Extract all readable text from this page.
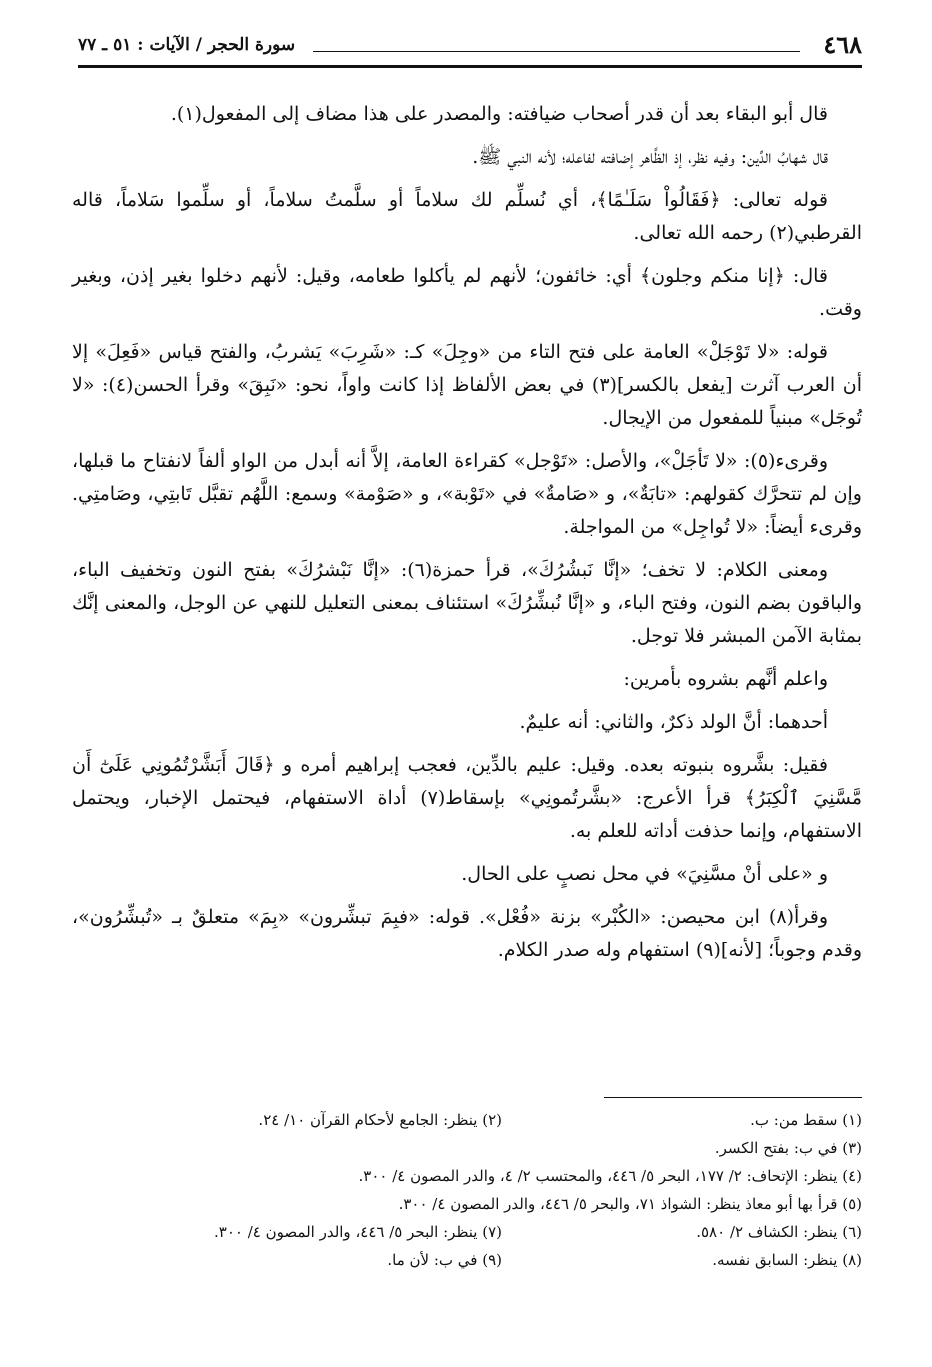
٤٦٨
سورة الحجر / الآيات : ٥١ ـ ٧٧

قال أبو البقاء بعد أن قدر أصحاب ضيافته: والمصدر على هذا مضاف إلى المفعول(١).

قال شهابُ الدِّين: وفيه نظر، إذ الظَّاهر إضافته لفاعله؛ لأنه النبي ﷺ.

قوله تعالى: ﴿فَقَالُواْ سَلَـٰمًا﴾، أي نُسلِّم لك سلاماً أو سلَّمتُ سلاماً، أو سلِّموا سَلاماً، قاله القرطبي(٢) رحمه الله تعالى.

قال: ﴿إنا منكم وجلون﴾ أي: خائفون؛ لأنهم لم يأكلوا طعامه، وقيل: لأنهم دخلوا بغير إذن، وبغير وقت.

قوله: «لا تَوْجَلْ» العامة على فتح التاء من «وجِلَ» كـ: «شَرِبَ» يَشربُ، والفتح قياس «فَعِلَ» إلا أن العرب آثرت [يفعل بالكسر](٣) في بعض الألفاظ إذا كانت واواً، نحو: «نَبِقَ» وقرأ الحسن(٤): «لا تُوجَل» مبنياً للمفعول من الإيجال.

وقرىء(٥): «لا تَأجَلْ»، والأصل: «تَوْجل» كقراءة العامة، إلاَّ أنه أبدل من الواو ألفاً لانفتاح ما قبلها، وإن لم تتحرَّك كقولهم: «تابَةٌ»، و «صَامةٌ» في «تَوْبة»، و «صَوْمة» وسمع: اللَّهُم تقبَّل تَابتِي، وصَامتِي. وقرىء أيضاً: «لا تُواجِل» من المواجلة.

ومعنى الكلام: لا تخف؛ «إنَّا نَبشُرُكَ»، قرأ حمزة(٦): «إنَّا نَبْشرُكَ» بفتح النون وتخفيف الباء، والباقون بضم النون، وفتح الباء، و «إنَّا نُبشِّرُكَ» استئناف بمعنى التعليل للنهي عن الوجل، والمعنى إنَّك بمثابة الآمن المبشر فلا توجل.

واعلم أنَّهم بشروه بأمرين:

أحدهما: أنَّ الولد ذكرٌ، والثاني: أنه عليمٌ.

فقيل: بشَّروه بنبوته بعده. وقيل: عليم بالدِّين، فعجب إبراهيم أمره و ﴿قَالَ أَبَشَّرْتُمُونِي عَلَىٰٓ أَن مَّسَّنِيَ ٱلْكِبَرُ﴾ قرأ الأعرج: «بشَّرتُمونِي» بإسقاط(٧) أداة الاستفهام، فيحتمل الإخبار، ويحتمل الاستفهام، وإنما حذفت أداته للعلم به.

و «على أنْ مسَّنِيَ» في محل نصبٍ على الحال.

وقرأ(٨) ابن محيصن: «الكُبْر» بزنة «فُعْل». قوله: «فبِمَ تبشِّرون» «بِمَ» متعلقٌ بـ «تُبشِّرُون»، وقدم وجوباً؛ [لأنه](٩) استفهام وله صدر الكلام.

(١) سقط من: ب.
(٢) ينظر: الجامع لأحكام القرآن ١٠/ ٢٤.
(٣) في ب: بفتح الكسر.
(٤) ينظر: الإتحاف: ٢/ ١٧٧، البحر ٥/ ٤٤٦، والمحتسب ٢/ ٤، والدر المصون ٤/ ٣٠٠.
(٥) قرأ بها أبو معاذ ينظر: الشواذ ٧١، والبحر ٥/ ٤٤٦، والدر المصون ٤/ ٣٠٠.
(٦) ينظر: الكشاف ٢/ ٥٨٠.
(٧) ينظر: البحر ٥/ ٤٤٦، والدر المصون ٤/ ٣٠٠.
(٨) ينظر: السابق نفسه.
(٩) في ب: لأن ما.
